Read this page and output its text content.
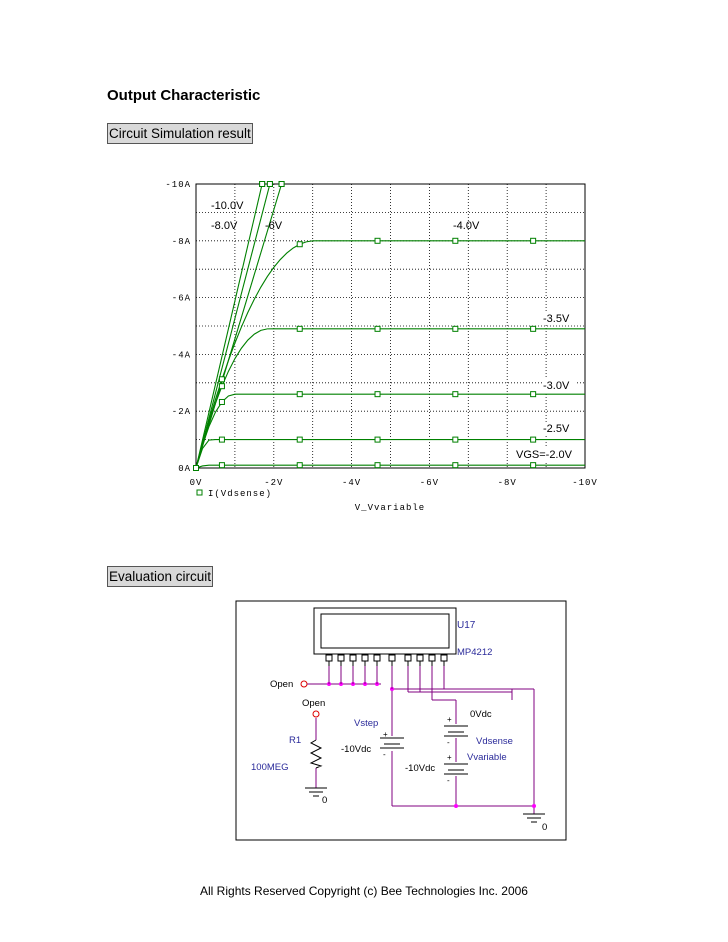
Output Characteristic
Circuit Simulation result
0A
-2A
-4A
-6A
-8A
-10A
0V	-2V	-4V	-6V	-8V	-10V
I(Vdsense)
V_Vvariable
-10.0V
-8.0V	-6V	-4.0V
-3.5V
-3.0V
-2.5V
VGS=-2.0V
Evaluation circuit
U17
MP4212
Open
Open
R1
100MEG
0
+
-
Vstep
-10Vdc
+
-
0Vdc
Vdsense
+
-
Vvariable
-10Vdc
0
All Rights Reserved Copyright (c) Bee Technologies Inc. 2006
